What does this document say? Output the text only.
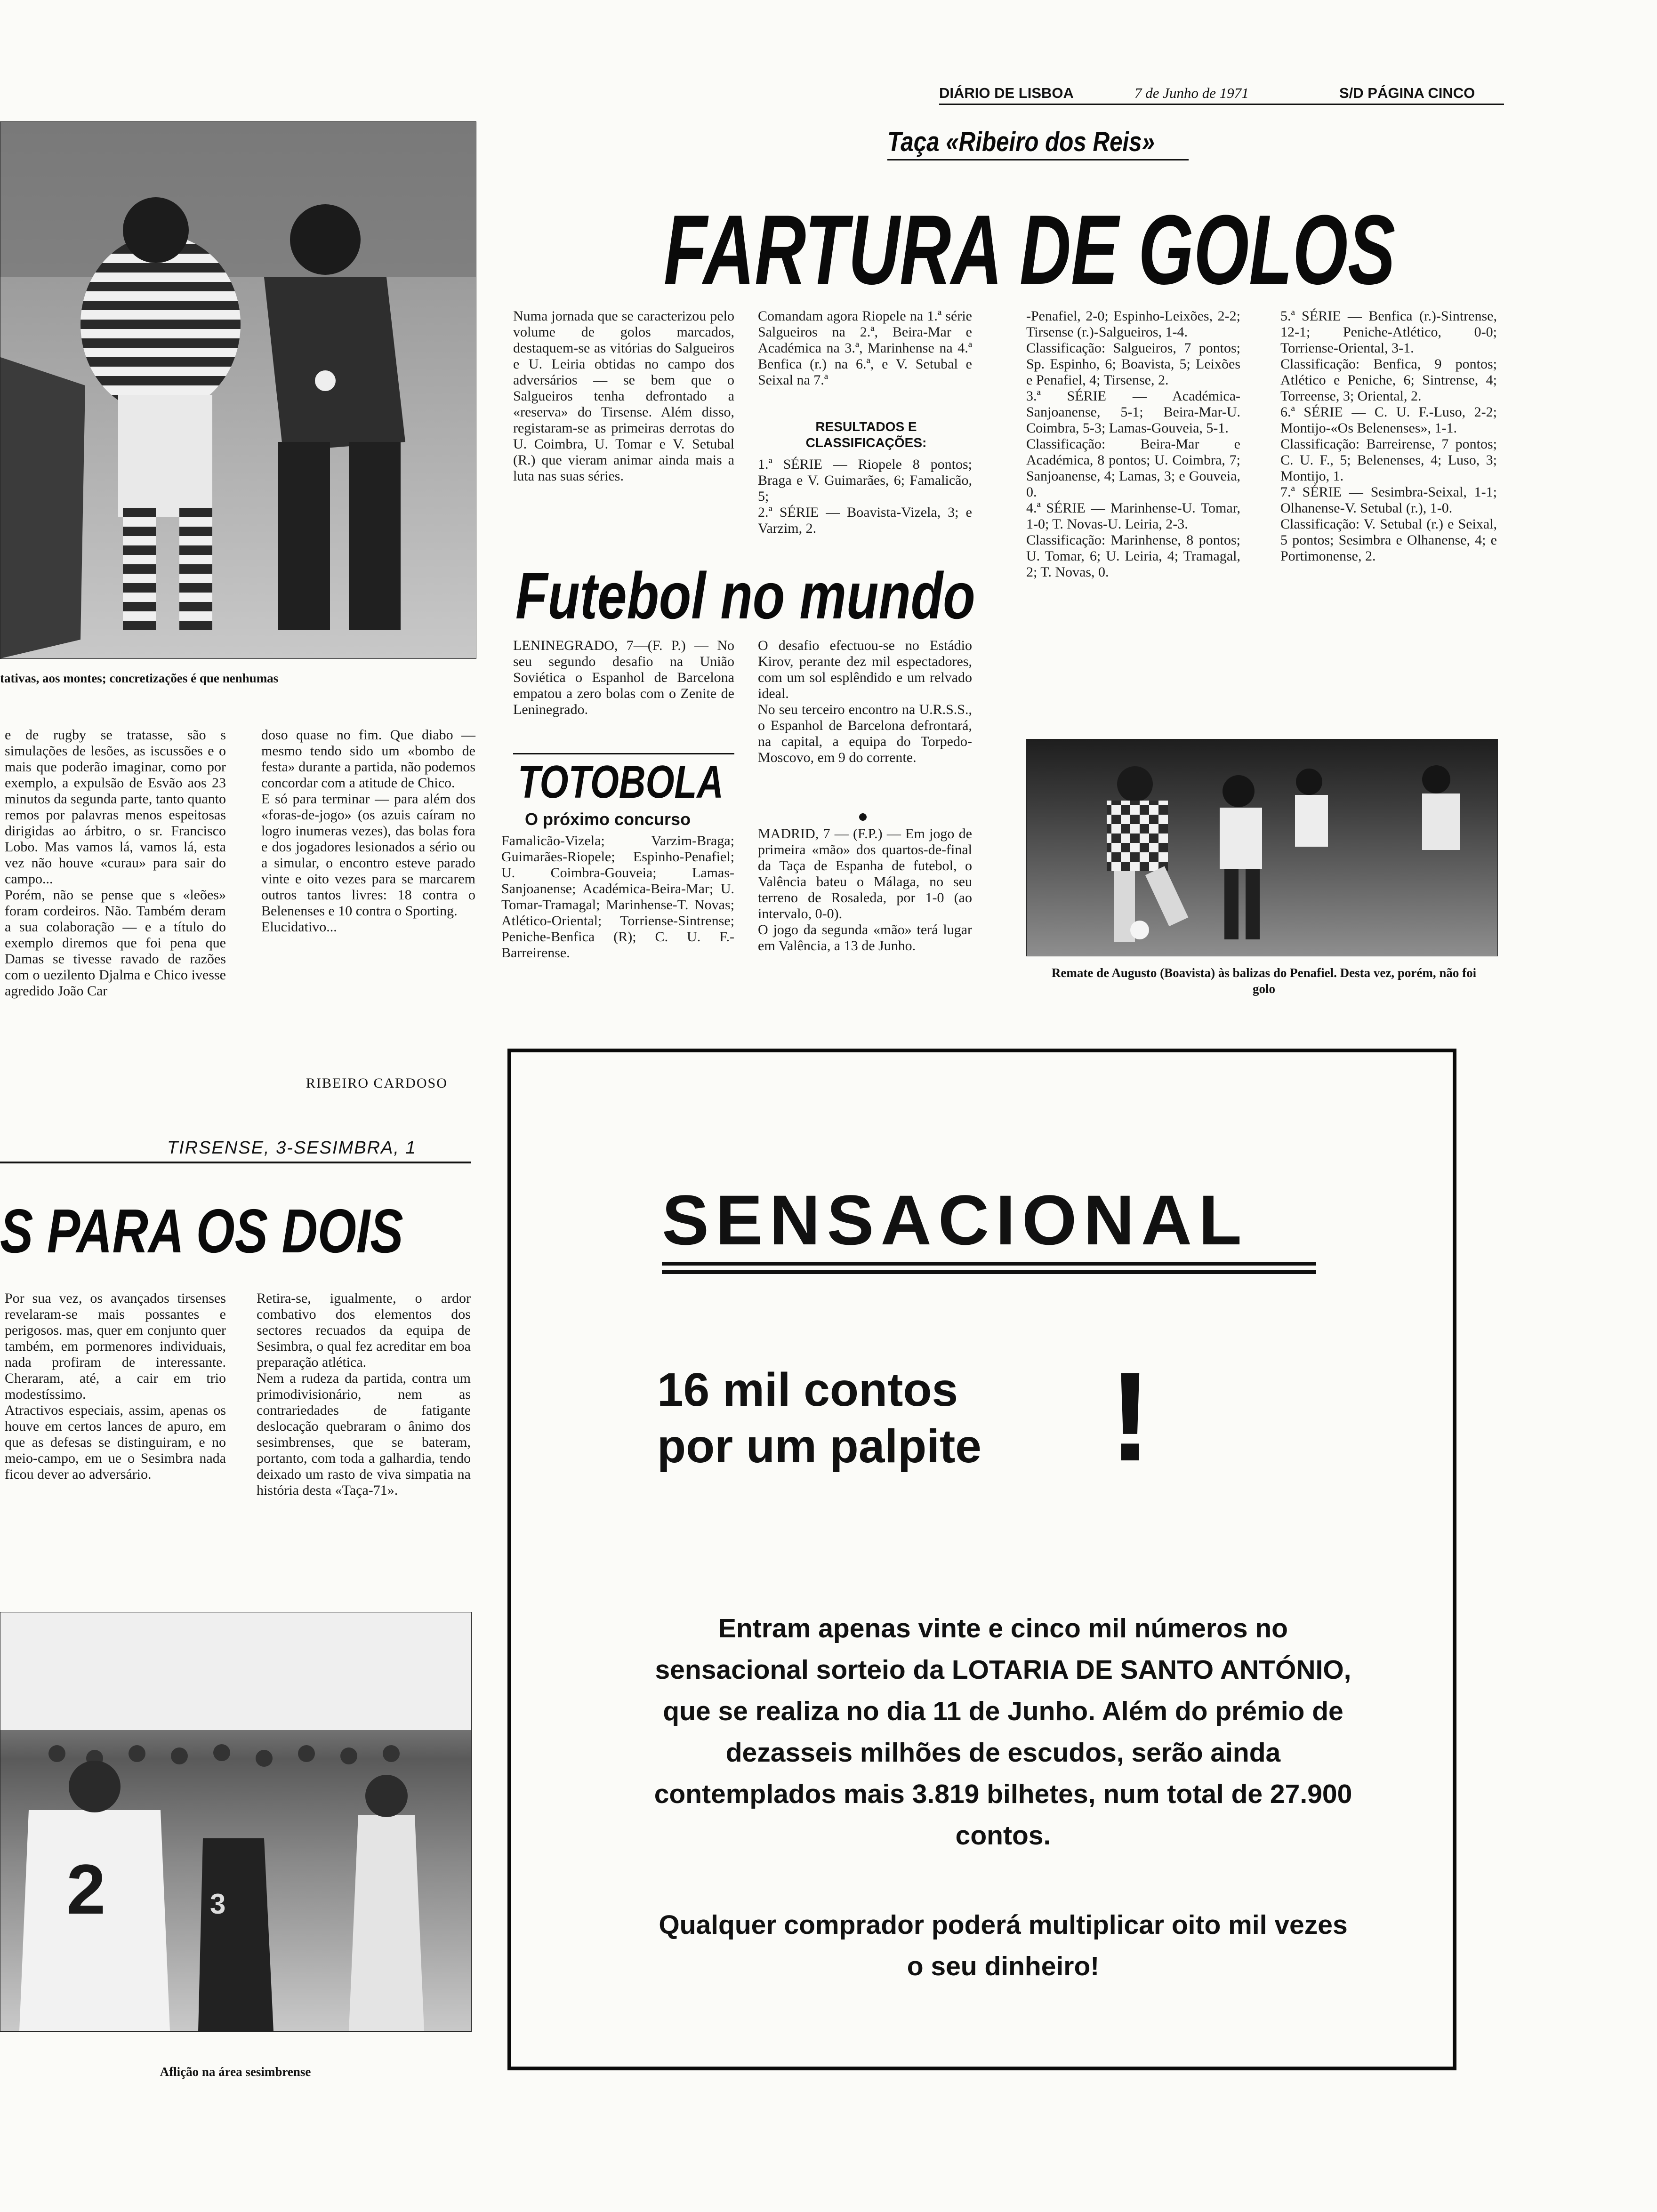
DIÁRIO DE LISBOA	7 de Junho de 1971	S/D PÁGINA CINCO
tativas, aos montes; concretizações é que nenhumas
e de rugby se tratasse, são s simulações de lesões, as iscussões e o mais que poderão imaginar, como por exemplo, a expulsão de Esvão aos 23 minutos da segunda parte, tanto quanto remos por palavras menos espeitosas dirigidas ao árbitro, o sr. Francisco Lobo. Mas vamos lá, vamos lá, esta vez não houve «curau» para sair do campo...
Porém, não se pense que s «leões» foram cordeiros. Não. Também deram a sua colaboração — e a título do exemplo diremos que foi pena que Damas se tivesse ravado de razões com o uezilento Djalma e Chico ivesse agredido João Car
doso quase no fim. Que diabo — mesmo tendo sido um «bombo de festa» durante a partida, não podemos concordar com a atitude de Chico.
E só para terminar — para além dos «foras-de-jogo» (os azuis caíram no logro inumeras vezes), das bolas fora e dos jogadores lesionados a sério ou a simular, o encontro esteve parado vinte e oito vezes para se marcarem outros tantos livres: 18 contra o Belenenses e 10 contra o Sporting.
Elucidativo...
RIBEIRO CARDOSO
TIRSENSE, 3-SESIMBRA, 1
S PARA OS DOIS
Por sua vez, os avançados tirsenses revelaram-se mais possantes e perigosos. mas, quer em conjunto quer também, em pormenores individuais, nada profiram de interessante. Cheraram, até, a cair em trio modestíssimo.
Atractivos especiais, assim, apenas os houve em certos lances de apuro, em que as defesas se distinguiram, e no meio-campo, em ue o Sesimbra nada ficou dever ao adversário.
Retira-se, igualmente, o ardor combativo dos elementos dos sectores recuados da equipa de Sesimbra, o qual fez acreditar em boa preparação atlética.
Nem a rudeza da partida, contra um primodivisionário, nem as contrariedades de fatigante deslocação quebraram o ânimo dos sesimbrenses, que se bateram, portanto, com toda a galhardia, tendo deixado um rasto de viva simpatia na história desta «Taça-71».
2	3
Aflição na área sesimbrense
Taça «Ribeiro dos Reis»
FARTURA DE GOLOS
Numa jornada que se caracterizou pelo volume de golos marcados, destaquem-se as vitórias do Salgueiros e U. Leiria obtidas no campo dos adversários — se bem que o Salgueiros tenha defrontado a «reserva» do Tirsense. Além disso, registaram-se as primeiras derrotas do U. Coimbra, U. Tomar e V. Setubal (R.) que vieram animar ainda mais a luta nas suas séries.
Comandam agora Riopele na 1.ª série Salgueiros na 2.ª, Beira-Mar e Académica na 3.ª, Marinhense na 4.ª Benfica (r.) na 6.ª, e V. Setubal e Seixal na 7.ª
RESULTADOS E CLASSIFICAÇÕES:
1.ª SÉRIE — Riopele 8 pontos; Braga e V. Guimarães, 6; Famalicão, 5;
2.ª SÉRIE — Boavista-Vizela, 3; e Varzim, 2.
-Penafiel, 2-0; Espinho-Leixões, 2-2; Tirsense (r.)-Salgueiros, 1-4.
Classificação: Salgueiros, 7 pontos; Sp. Espinho, 6; Boavista, 5; Leixões e Penafiel, 4; Tirsense, 2.
3.ª SÉRIE — Académica-Sanjoanense, 5-1; Beira-Mar-U. Coimbra, 5-3; Lamas-Gouveia, 5-1.
Classificação: Beira-Mar e Académica, 8 pontos; U. Coimbra, 7; Sanjoanense, 4; Lamas, 3; e Gouveia, 0.
4.ª SÉRIE — Marinhense-U. Tomar, 1-0; T. Novas-U. Leiria, 2-3.
Classificação: Marinhense, 8 pontos; U. Tomar, 6; U. Leiria, 4; Tramagal, 2; T. Novas, 0.
5.ª SÉRIE — Benfica (r.)-Sintrense, 12-1; Peniche-Atlético, 0-0; Torriense-Oriental, 3-1.
Classificação: Benfica, 9 pontos; Atlético e Peniche, 6; Sintrense, 4; Torreense, 3; Oriental, 2.
6.ª SÉRIE — C. U. F.-Luso, 2-2; Montijo-«Os Belenenses», 1-1.
Classificação: Barreirense, 7 pontos; C. U. F., 5; Belenenses, 4; Luso, 3; Montijo, 1.
7.ª SÉRIE — Sesimbra-Seixal, 1-1; Olhanense-V. Setubal (r.), 1-0.
Classificação: V. Setubal (r.) e Seixal, 5 pontos; Sesimbra e Olhanense, 4; e Portimonense, 2.
Futebol no mundo
LENINEGRADO, 7—(F. P.) — No seu segundo desafio na União Soviética o Espanhol de Barcelona empatou a zero bolas com o Zenite de Leninegrado.
O desafio efectuou-se no Estádio Kirov, perante dez mil espectadores, com um sol esplêndido e um relvado ideal.
No seu terceiro encontro na U.R.S.S., o Espanhol de Barcelona defrontará, na capital, a equipa do Torpedo-Moscovo, em 9 do corrente.
MADRID, 7 — (F.P.) — Em jogo de primeira «mão» dos quartos-de-final da Taça de Espanha de futebol, o Valência bateu o Málaga, no seu terreno de Rosaleda, por 1-0 (ao intervalo, 0-0).
O jogo da segunda «mão» terá lugar em Valência, a 13 de Junho.
TOTOBOLA
O próximo concurso
Famalicão-Vizela; Varzim-Braga; Guimarães-Riopele; Espinho-Penafiel; U. Coimbra-Gouveia; Lamas-Sanjoanense; Académica-Beira-Mar; U. Tomar-Tramagal; Marinhense-T. Novas; Atlético-Oriental; Torriense-Sintrense; Peniche-Benfica (R); C. U. F.-Barreirense.
Remate de Augusto (Boavista) às balizas do Penafiel. Desta vez, porém, não foi golo
SENSACIONAL
16 mil contos
por um palpite !
Entram apenas vinte e cinco mil números no sensacional sorteio da LOTARIA DE SANTO ANTÓNIO, que se realiza no dia 11 de Junho. Além do prémio de dezasseis milhões de escudos, serão ainda contemplados mais 3.819 bilhetes, num total de 27.900 contos.
Qualquer comprador poderá multiplicar oito mil vezes o seu dinheiro!
